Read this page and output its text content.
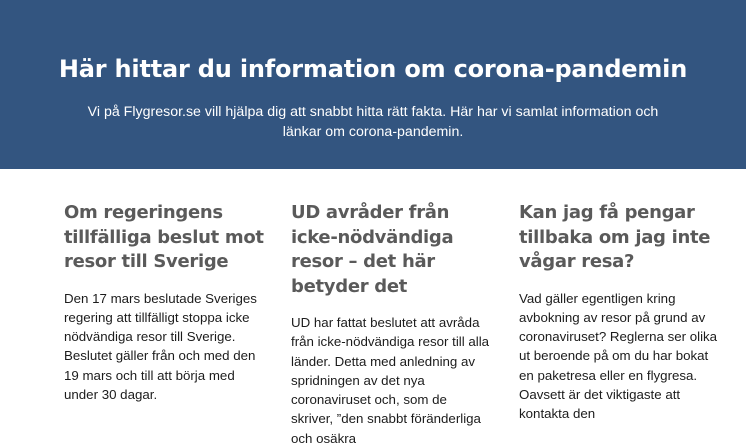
Här hittar du information om corona-pandemin

Vi på Flygresor.se vill hjälpa dig att snabbt hitta rätt fakta. Här har vi samlat information och länkar om corona-pandemin.

Om regeringens tillfälliga beslut mot resor till Sverige

Den 17 mars beslutade Sveriges regering att tillfälligt stoppa icke nödvändiga resor till Sverige. Beslutet gäller från och med den 19 mars och till att börja med under 30 dagar.

UD avråder från icke-nödvändiga resor – det här betyder det

UD har fattat beslutet att avråda från icke-nödvändiga resor till alla länder. Detta med anledning av spridningen av det nya coronaviruset och, som de skriver, ”den snabbt föränderliga och osäkra

Kan jag få pengar tillbaka om jag inte vågar resa?

Vad gäller egentligen kring avbokning av resor på grund av coronaviruset? Reglerna ser olika ut beroende på om du har bokat en paketresa eller en flygresa. Oavsett är det viktigaste att kontakta den
